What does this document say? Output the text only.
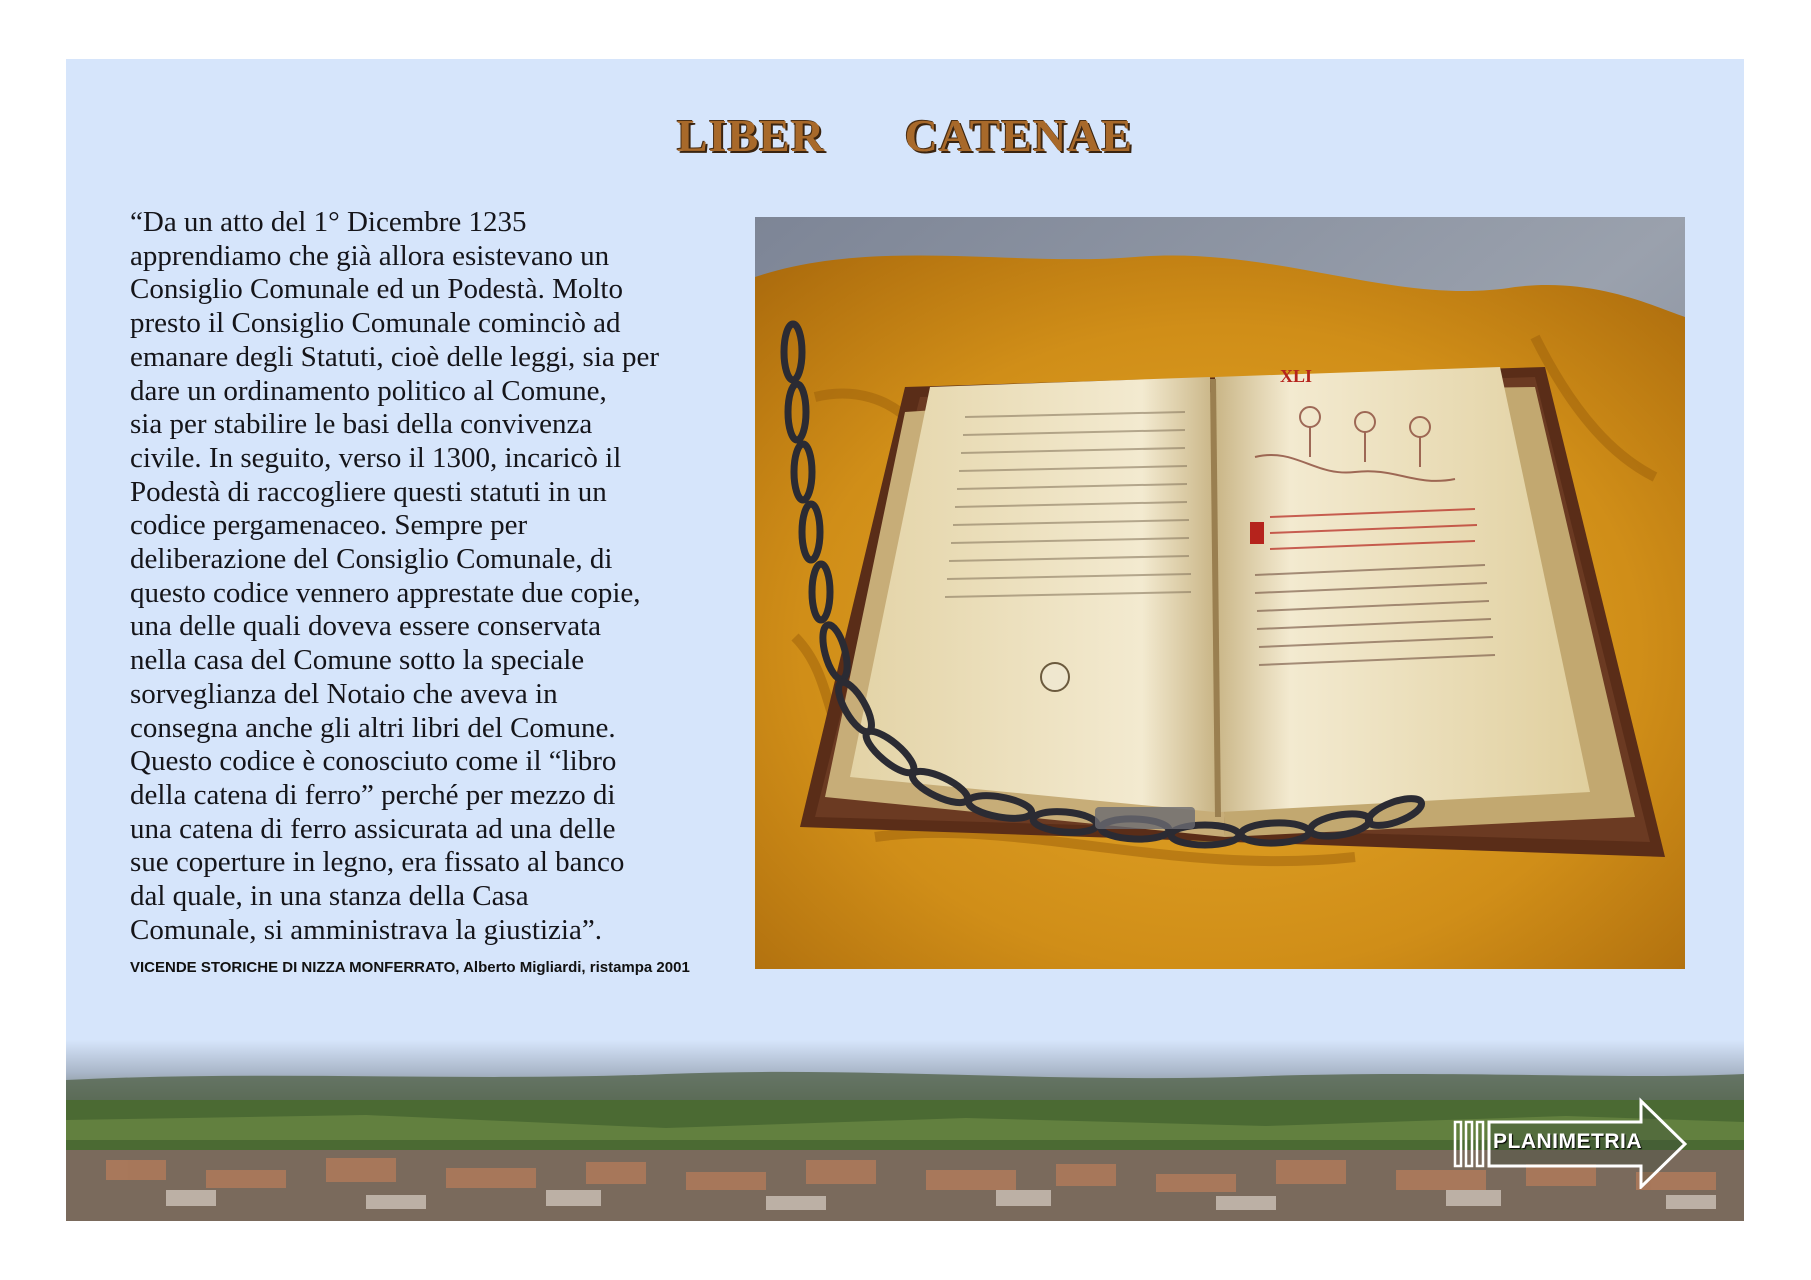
LIBER   CATENAE

“Da un atto del 1° Dicembre 1235
apprendiamo che già allora esistevano un
Consiglio Comunale ed un Podestà. Molto
presto il Consiglio Comunale cominciò ad
emanare degli Statuti, cioè delle leggi, sia per
dare un ordinamento politico al Comune,
sia per stabilire le basi della convivenza
civile. In seguito, verso il 1300, incaricò il
Podestà di raccogliere questi statuti in un
codice pergamenaceo. Sempre per
deliberazione del Consiglio Comunale, di
questo codice vennero apprestate due copie,
una delle quali doveva essere conservata
nella casa del Comune sotto la speciale
sorveglianza del Notaio che aveva in
consegna anche gli altri libri del Comune.
Questo codice è conosciuto come il “libro
della catena di ferro” perché per mezzo di
una catena di ferro assicurata ad una delle
sue coperture in legno, era fissato al banco
dal quale, in una stanza della Casa
Comunale, si amministrava la giustizia”.

VICENDE STORICHE DI NIZZA MONFERRATO, Alberto Migliardi, ristampa 2001

XLI
PLANIMETRIA
